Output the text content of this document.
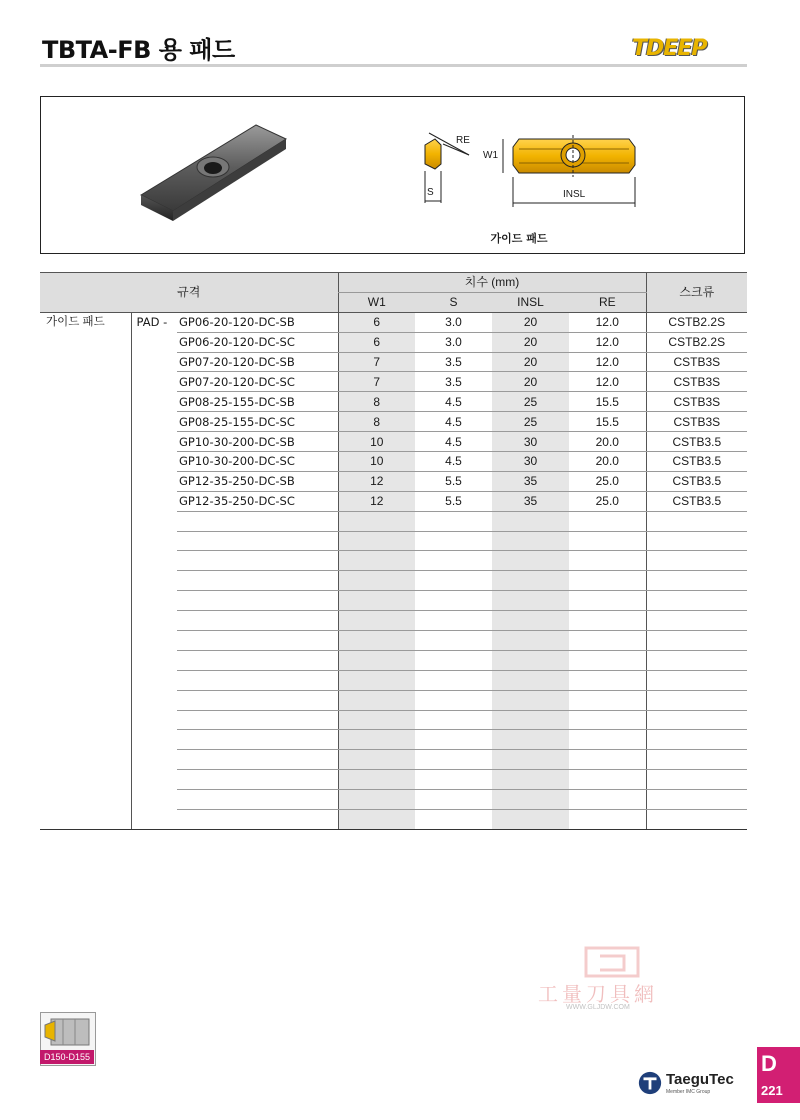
TBTA-FB 용 패드	TDEEP
RE
W1
S	INSL
가이드 패드
규격			치수 (mm)				스크류
			W1	S	INSL	RE	
가이드 패드	PAD -	GP06-20-120-DC-SB	6	3.0	20	12.0	CSTB2.2S
		GP06-20-120-DC-SC	6	3.0	20	12.0	CSTB2.2S
		GP07-20-120-DC-SB	7	3.5	20	12.0	CSTB3S
		GP07-20-120-DC-SC	7	3.5	20	12.0	CSTB3S
		GP08-25-155-DC-SB	8	4.5	25	15.5	CSTB3S
		GP08-25-155-DC-SC	8	4.5	25	15.5	CSTB3S
		GP10-30-200-DC-SB	10	4.5	30	20.0	CSTB3.5
		GP10-30-200-DC-SC	10	4.5	30	20.0	CSTB3.5
		GP12-35-250-DC-SB	12	5.5	35	25.0	CSTB3.5
		GP12-35-250-DC-SC	12	5.5	35	25.0	CSTB3.5

工量刀具網
WWW.GLJDW.COM
D150-D155
TaeguTec
Member IMC Group
D
221
